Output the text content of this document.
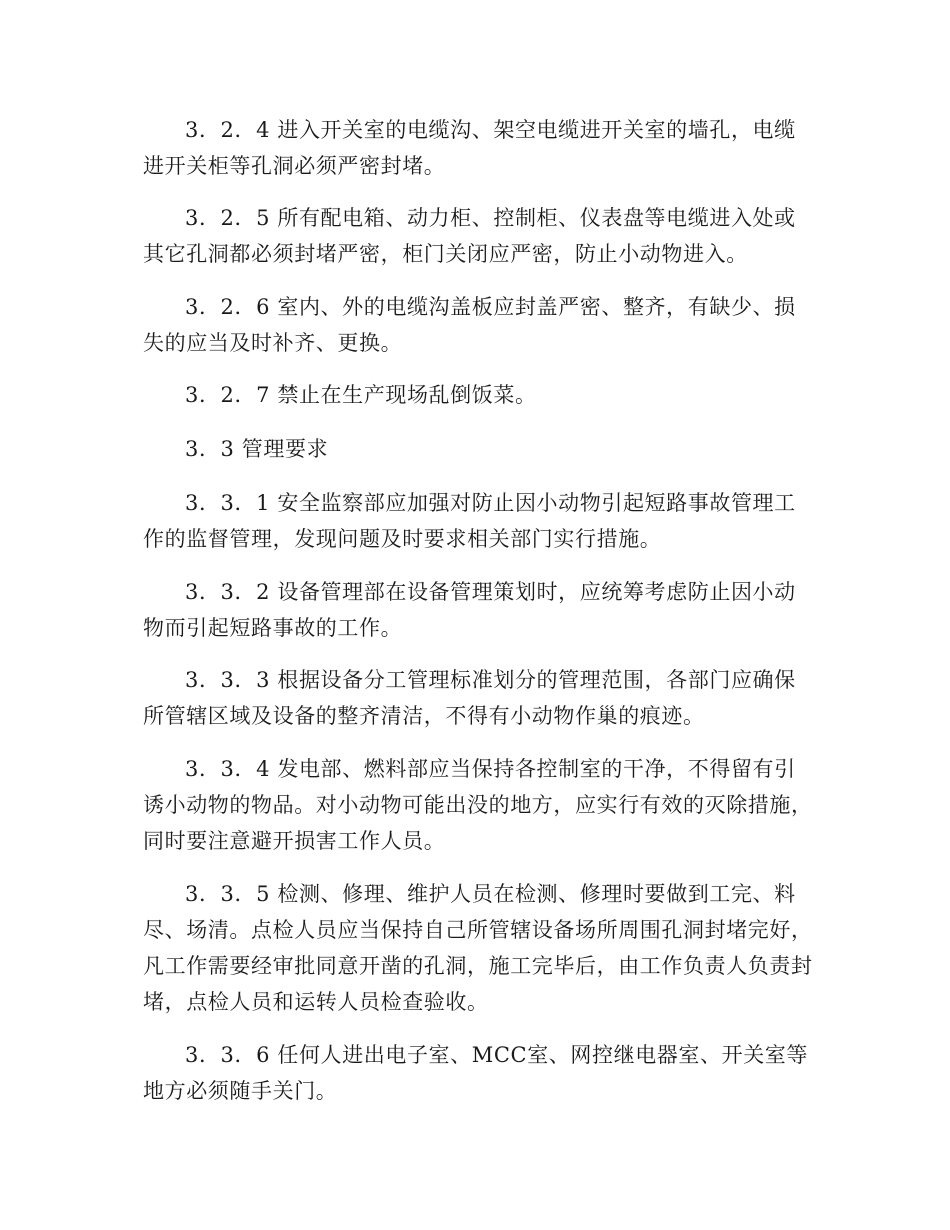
3．2．4 进入开关室的电缆沟、架空电缆进开关室的墙孔，电缆进开关柜等孔洞必须严密封堵。

3．2．5 所有配电箱、动力柜、控制柜、仪表盘等电缆进入处或其它孔洞都必须封堵严密，柜门关闭应严密，防止小动物进入。

3．2．6 室内、外的电缆沟盖板应封盖严密、整齐，有缺少、损失的应当及时补齐、更换。

3．2．7 禁止在生产现场乱倒饭菜。

3．3 管理要求

3．3．1 安全监察部应加强对防止因小动物引起短路事故管理工作的监督管理，发现问题及时要求相关部门实行措施。

3．3．2 设备管理部在设备管理策划时，应统筹考虑防止因小动物而引起短路事故的工作。

3．3．3 根据设备分工管理标准划分的管理范围，各部门应确保所管辖区域及设备的整齐清洁，不得有小动物作巢的痕迹。

3．3．4 发电部、燃料部应当保持各控制室的干净，不得留有引诱小动物的物品。对小动物可能出没的地方，应实行有效的灭除措施，同时要注意避开损害工作人员。

3．3．5 检测、修理、维护人员在检测、修理时要做到工完、料尽、场清。点检人员应当保持自己所管辖设备场所周围孔洞封堵完好，凡工作需要经审批同意开凿的孔洞，施工完毕后，由工作负责人负责封堵，点检人员和运转人员检查验收。

3．3．6 任何人进出电子室、MCC室、网控继电器室、开关室等地方必须随手关门。
